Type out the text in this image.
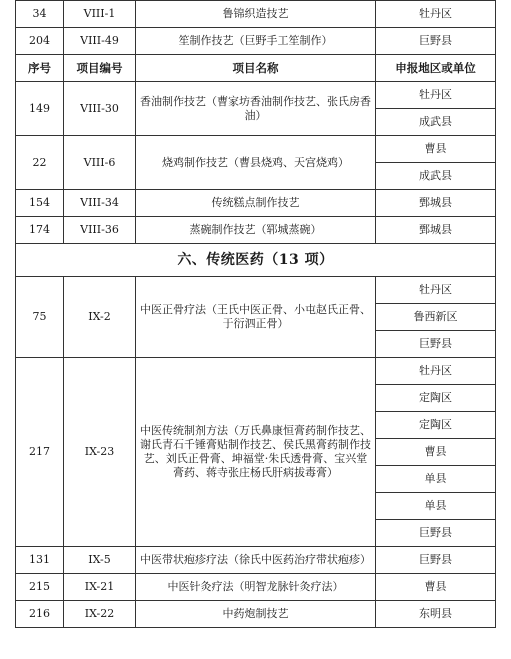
34	VIII-1	鲁锦织造技艺	牡丹区
204	VIII-49	笙制作技艺（巨野手工笙制作）	巨野县
序号	项目编号	项目名称	申报地区或单位
149	VIII-30	香油制作技艺（曹家坊香油制作技艺、张氏房香油）	牡丹区
			成武县
22	VIII-6	烧鸡制作技艺（曹县烧鸡、天宫烧鸡）	曹县
			成武县
154	VIII-34	传统糕点制作技艺	鄄城县
174	VIII-36	蒸碗制作技艺（郓城蒸碗）	鄄城县
六、传统医药（13 项）			
75	IX-2	中医正骨疗法（王氏中医正骨、小屯赵氏正骨、于衍泗正骨）	牡丹区
			鲁西新区
			巨野县
217	IX-23	中医传统制剂方法（万氏鼻康恒膏药制作技艺、谢氏青石千锤膏贴制作技艺、侯氏黑膏药制作技艺、刘氏正骨膏、坤福堂·朱氏透骨膏、宝兴堂膏药、蒋寺张庄杨氏肝病拔毒膏）	牡丹区
			定陶区
			定陶区
			曹县
			单县
			单县
			巨野县
131	IX-5	中医带状疱疹疗法（徐氏中医药治疗带状疱疹）	巨野县
215	IX-21	中医针灸疗法（明智龙脉针灸疗法）	曹县
216	IX-22	中药炮制技艺	东明县
